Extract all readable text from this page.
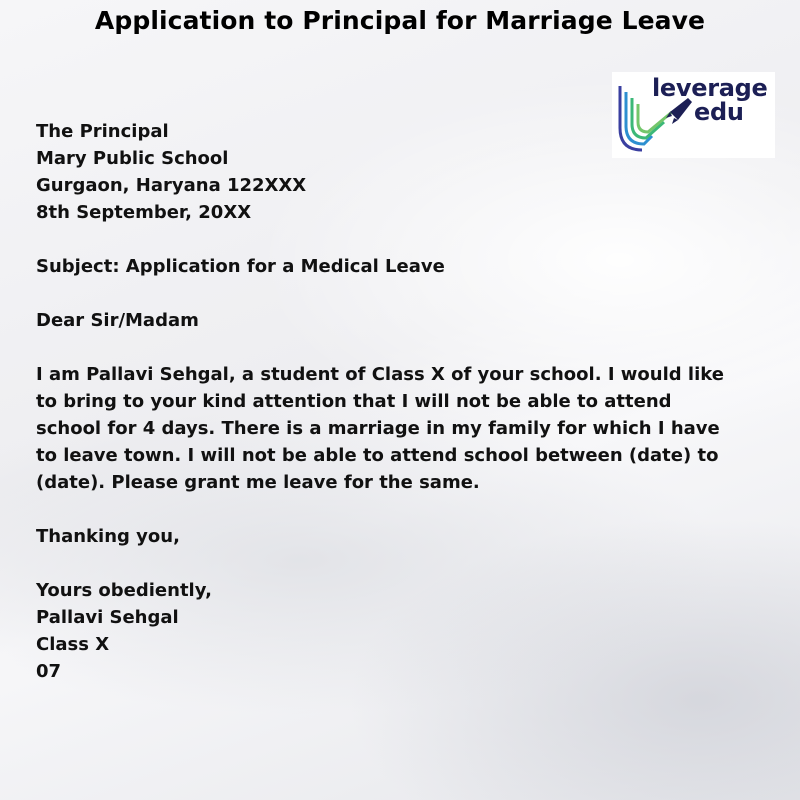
Application to Principal for Marriage Leave
leverage
edu

The Principal

Mary Public School

Gurgaon, Haryana 122XXX

8th September, 20XX

Subject: Application for a Medical Leave

Dear Sir/Madam

I am Pallavi Sehgal, a student of Class X of your school. I would like

to bring to your kind attention that I will not be able to attend

school for 4 days. There is a marriage in my family for which I have

to leave town. I will not be able to attend school between (date) to

(date). Please grant me leave for the same.

Thanking you,

Yours obediently,

Pallavi Sehgal

Class X

07
